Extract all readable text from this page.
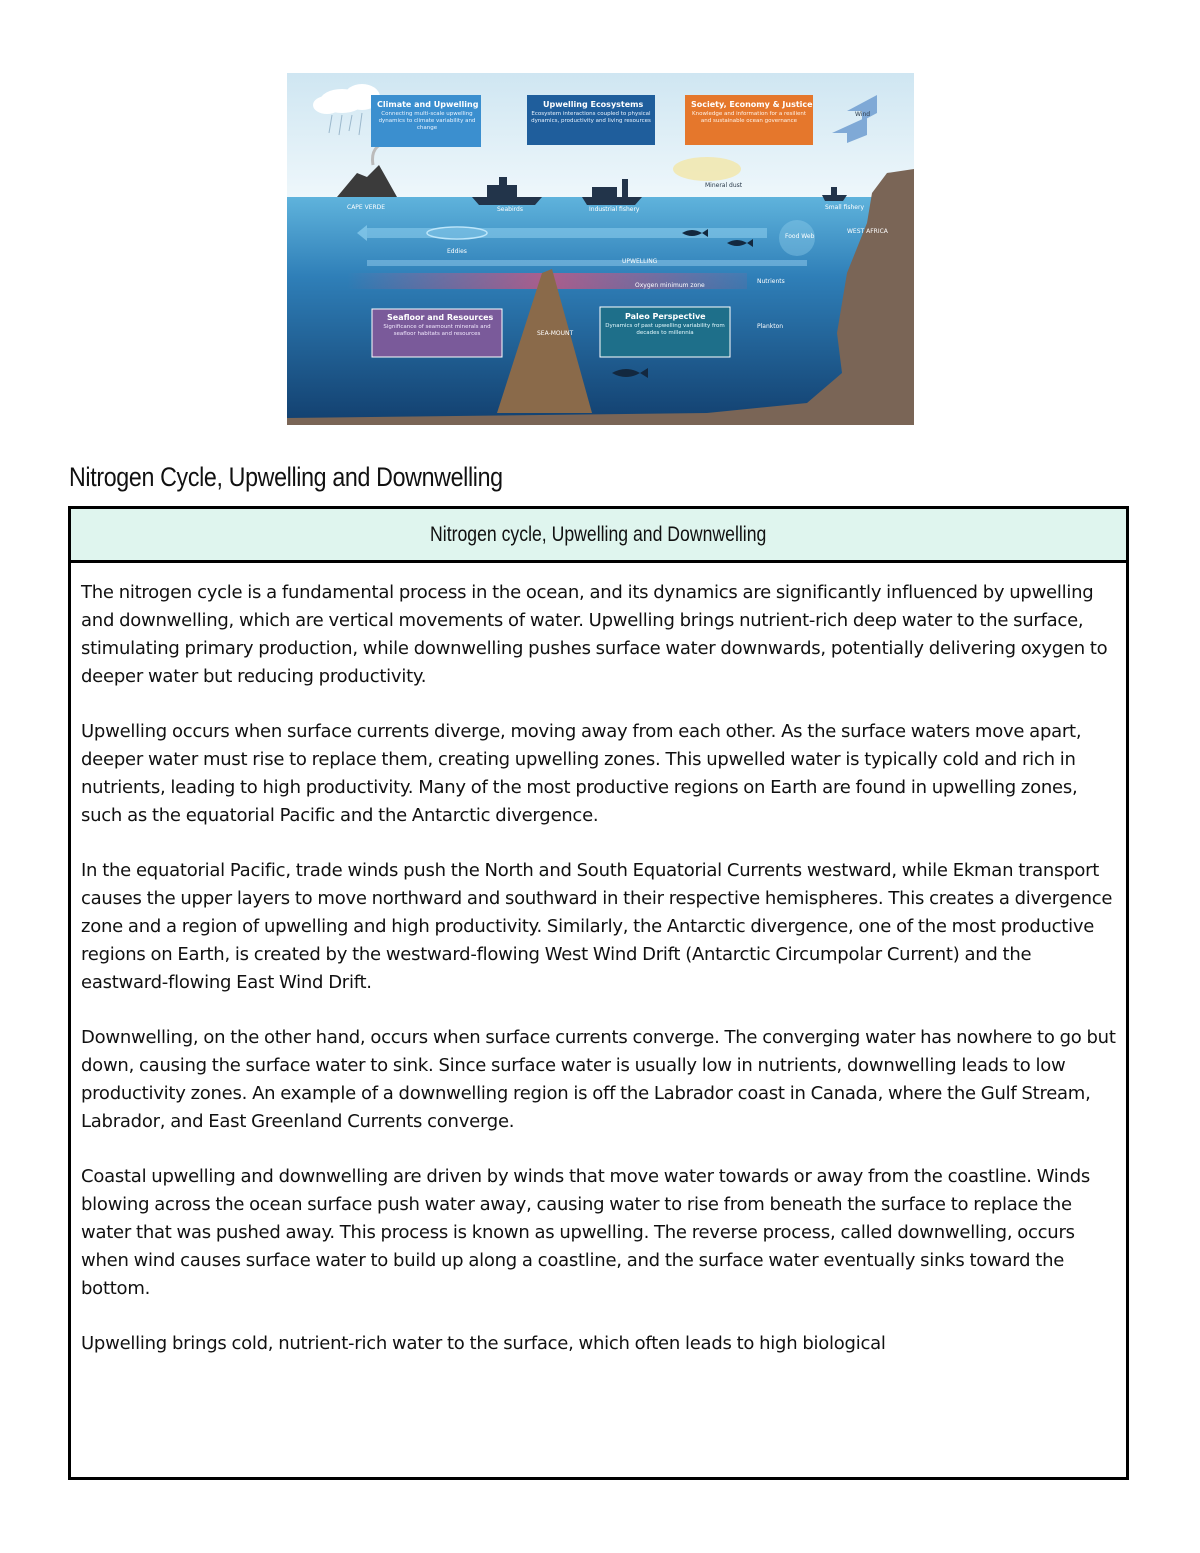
CAPE VERDE
Climate and Upwelling
Connecting multi-scale upwelling dynamics to climate variability and change
Upwelling Ecosystems
Ecosystem interactions coupled to physical dynamics, productivity and living resources
Society, Economy & Justice
Knowledge and information for a resilient and sustainable ocean governance
Wind
Mineral dust
Seabirds	Industrial fishery	Small fishery
WEST AFRICA
Eddies
UPWELLING
Oxygen minimum zone
Food Web
Nutrients
Plankton
SEA-MOUNT
Seafloor and Resources
Significance of seamount minerals and seafloor habitats and resources
Paleo Perspective
Dynamics of past upwelling variability from decades to millennia
Nitrogen Cycle, Upwelling and Downwelling
Nitrogen cycle, Upwelling and Downwelling

The nitrogen cycle is a fundamental process in the ocean, and its dynamics are significantly influenced by upwelling and downwelling, which are vertical movements of water. Upwelling brings nutrient-rich deep water to the surface, stimulating primary production, while downwelling pushes surface water downwards, potentially delivering oxygen to deeper water but reducing productivity.

Upwelling occurs when surface currents diverge, moving away from each other. As the surface waters move apart, deeper water must rise to replace them, creating upwelling zones. This upwelled water is typically cold and rich in nutrients, leading to high productivity. Many of the most productive regions on Earth are found in upwelling zones, such as the equatorial Pacific and the Antarctic divergence.

In the equatorial Pacific, trade winds push the North and South Equatorial Currents westward, while Ekman transport causes the upper layers to move northward and southward in their respective hemispheres. This creates a divergence zone and a region of upwelling and high productivity. Similarly, the Antarctic divergence, one of the most productive regions on Earth, is created by the westward-flowing West Wind Drift (Antarctic Circumpolar Current) and the eastward-flowing East Wind Drift.

Downwelling, on the other hand, occurs when surface currents converge. The converging water has nowhere to go but down, causing the surface water to sink. Since surface water is usually low in nutrients, downwelling leads to low productivity zones. An example of a downwelling region is off the Labrador coast in Canada, where the Gulf Stream, Labrador, and East Greenland Currents converge.

Coastal upwelling and downwelling are driven by winds that move water towards or away from the coastline. Winds blowing across the ocean surface push water away, causing water to rise from beneath the surface to replace the water that was pushed away. This process is known as upwelling. The reverse process, called downwelling, occurs when wind causes surface water to build up along a coastline, and the surface water eventually sinks toward the bottom.

Upwelling brings cold, nutrient-rich water to the surface, which often leads to high biological
